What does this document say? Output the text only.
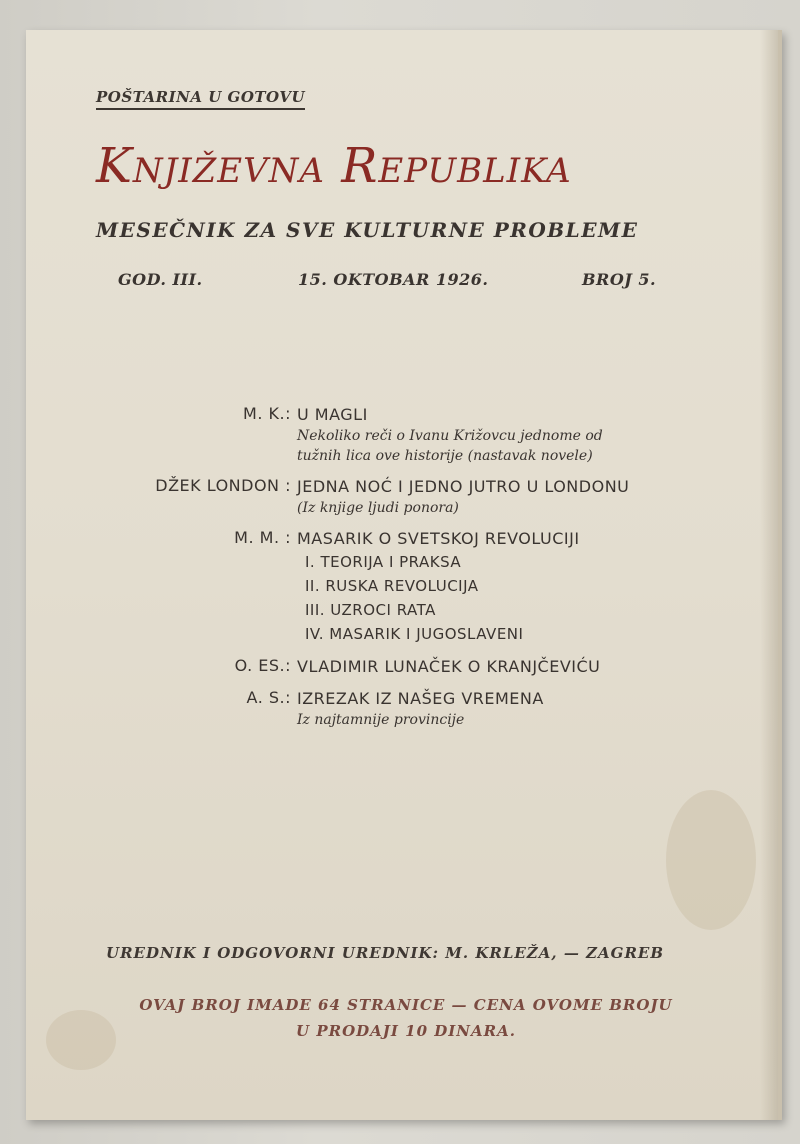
POŠTARINA U GOTOVU
Književna Republika
MESEČNIK ZA SVE KULTURNE PROBLEME
GOD. III.	15. OKTOBAR 1926.	BROJ 5.
M. K.: U MAGLI
Nekoliko reči o Ivanu Križovcu jednome od
tužnih lica ove historije (nastavak novele)
DŽEK LONDON : JEDNA NOĆ I JEDNO JUTRO U LONDONU
(Iz knjige ljudi ponora)
M. M. : MASARIK O SVETSKOJ REVOLUCIJI
I. TEORIJA I PRAKSA
II. RUSKA REVOLUCIJA
III. UZROCI RATA
IV. MASARIK I JUGOSLAVENI
O. ES.: VLADIMIR LUNAČEK O KRANJČEVIĆU
A. S.: IZREZAK IZ NAŠEG VREMENA
Iz najtamnije provincije
UREDNIK I ODGOVORNI UREDNIK: M. KRLEŽA, — ZAGREB
OVAJ BROJ IMADE 64 STRANICE — CENA OVOME BROJU
U PRODAJI 10 DINARA.
